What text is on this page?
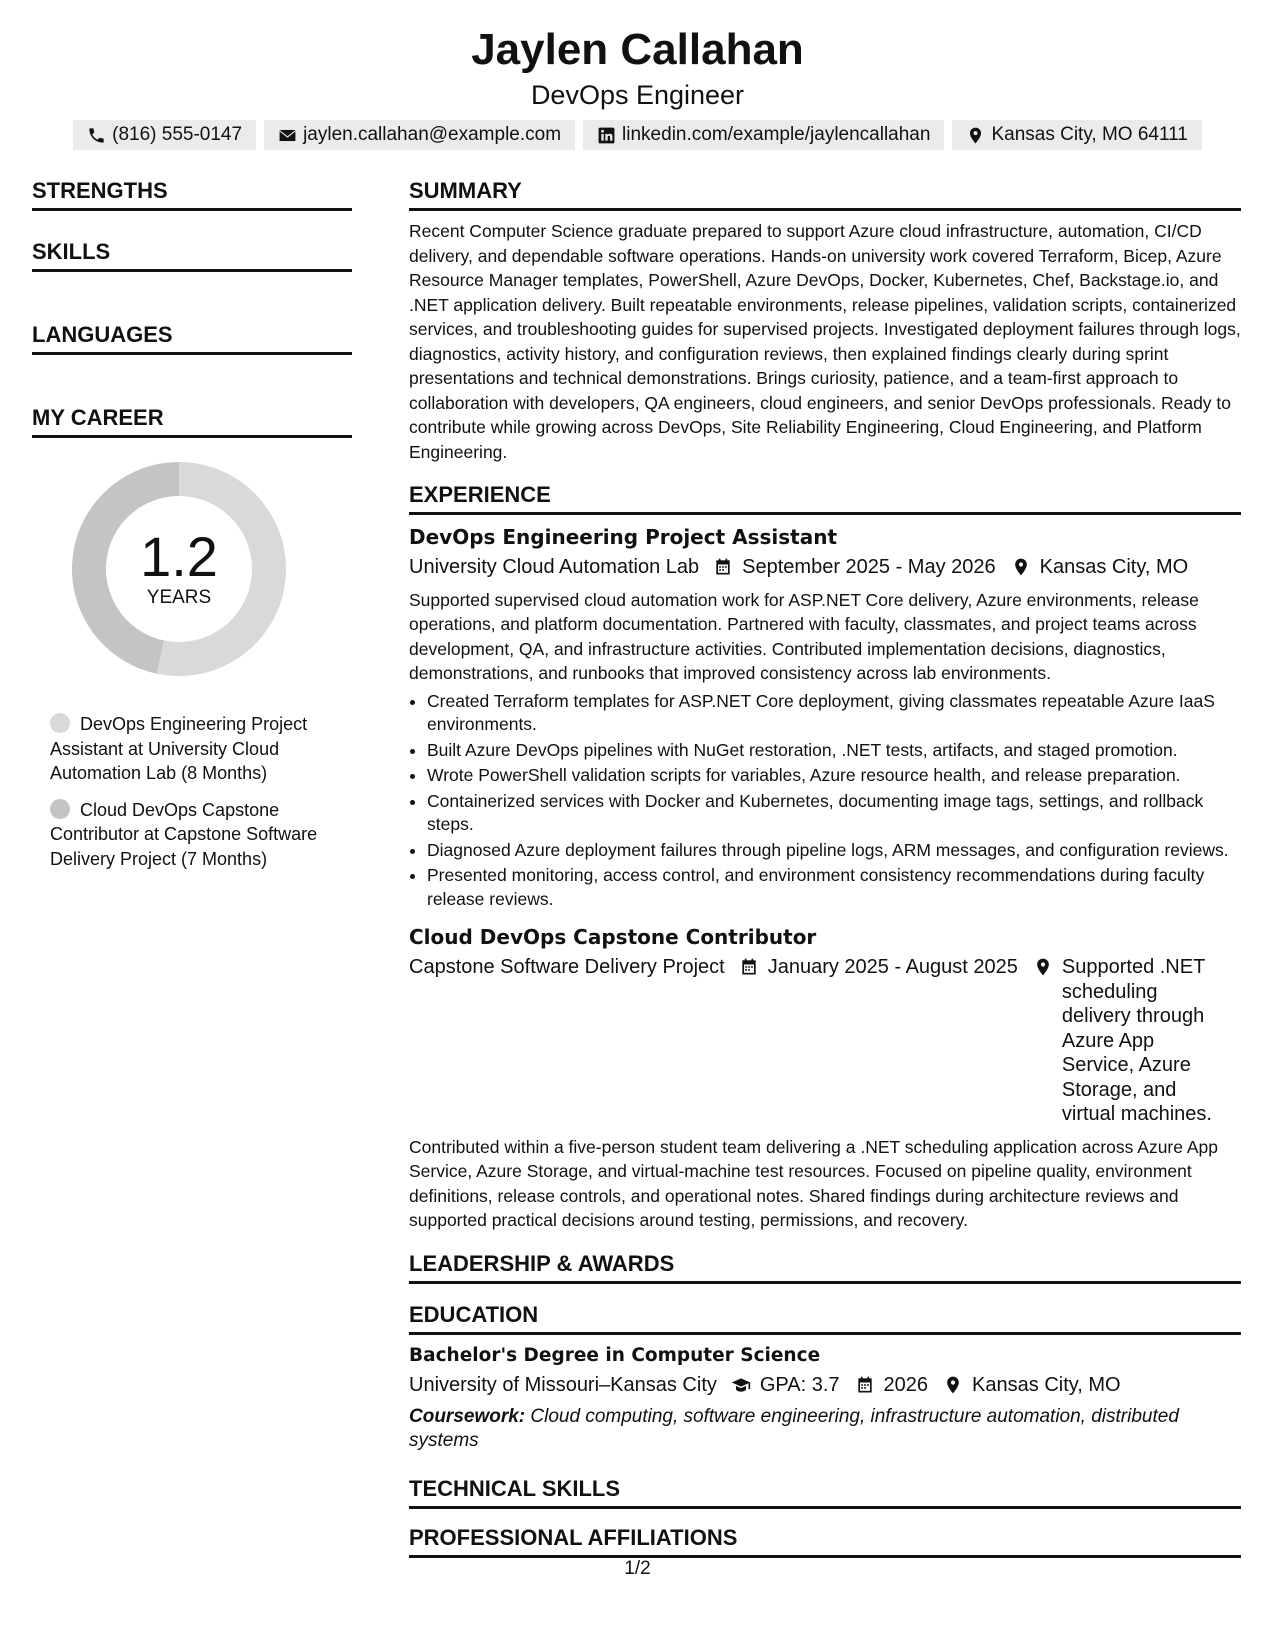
Jaylen Callahan
DevOps Engineer
(816) 555-0147	jaylen.callahan@example.com	linkedin.com/example/jaylencallahan	Kansas City, MO 64111
STRENGTHS
SKILLS
LANGUAGES
MY CAREER
1.2
YEARS
DevOps Engineering Project Assistant at University Cloud Automation Lab (8 Months)
Cloud DevOps Capstone Contributor at Capstone Software Delivery Project (7 Months)
SUMMARY

Recent Computer Science graduate prepared to support Azure cloud infrastructure, automation, CI/CD delivery, and dependable software operations. Hands-on university work covered Terraform, Bicep, Azure Resource Manager templates, PowerShell, Azure DevOps, Docker, Kubernetes, Chef, Backstage.io, and .NET application delivery. Built repeatable environments, release pipelines, validation scripts, containerized services, and troubleshooting guides for supervised projects. Investigated deployment failures through logs, diagnostics, activity history, and configuration reviews, then explained findings clearly during sprint presentations and technical demonstrations. Brings curiosity, patience, and a team-first approach to collaboration with developers, QA engineers, cloud engineers, and senior DevOps professionals. Ready to contribute while growing across DevOps, Site Reliability Engineering, Cloud Engineering, and Platform Engineering.

EXPERIENCE
DevOps Engineering Project Assistant
University Cloud Automation Lab September 2025 - May 2026 Kansas City, MO

Supported supervised cloud automation work for ASP.NET Core delivery, Azure environments, release operations, and platform documentation. Partnered with faculty, classmates, and project teams across development, QA, and infrastructure activities. Contributed implementation decisions, diagnostics, demonstrations, and runbooks that improved consistency across lab environments.

• Created Terraform templates for ASP.NET Core deployment, giving classmates repeatable Azure IaaS environments.
• Built Azure DevOps pipelines with NuGet restoration, .NET tests, artifacts, and staged promotion.
• Wrote PowerShell validation scripts for variables, Azure resource health, and release preparation.
• Containerized services with Docker and Kubernetes, documenting image tags, settings, and rollback steps.
• Diagnosed Azure deployment failures through pipeline logs, ARM messages, and configuration reviews.
• Presented monitoring, access control, and environment consistency recommendations during faculty release reviews.
Cloud DevOps Capstone Contributor
Capstone Software Delivery Project January 2025 - August 2025 Supported .NET scheduling delivery through Azure App Service, Azure Storage, and virtual machines.

Contributed within a five-person student team delivering a .NET scheduling application across Azure App Service, Azure Storage, and virtual-machine test resources. Focused on pipeline quality, environment definitions, release controls, and operational notes. Shared findings during architecture reviews and supported practical decisions around testing, permissions, and recovery.

LEADERSHIP & AWARDS
EDUCATION
Bachelor's Degree in Computer Science
University of Missouri–Kansas City GPA: 3.7 2026 Kansas City, MO
Coursework: Cloud computing, software engineering, infrastructure automation, distributed systems
TECHNICAL SKILLS
PROFESSIONAL AFFILIATIONS
1/2
